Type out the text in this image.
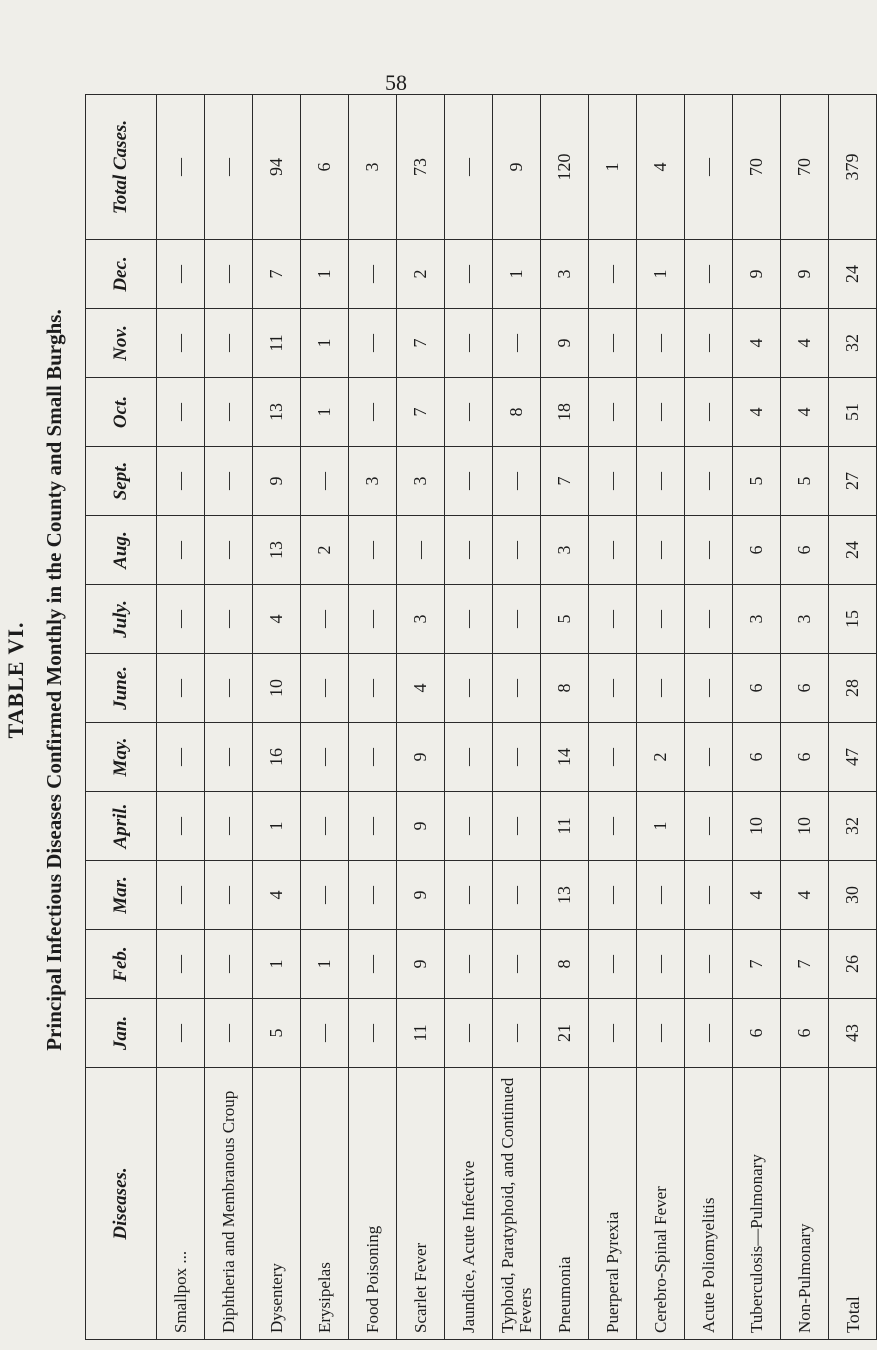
58
TABLE VI. Principal Infectious Diseases Confirmed Monthly in the County and Small Burghs.
Diseases.	Jan.	Feb.	Mar.	April.	May.	June.	July.	Aug.	Sept.	Oct.	Nov.	Dec.	Total Cases.
Smallpox ...	—	—	—	—	—	—	—	—	—	—	—	—	—
Diphtheria and Membranous Croup	—	—	—	—	—	—	—	—	—	—	—	—	—
Dysentery	5	1	4	1	16	10	4	13	9	13	11	7	94
Erysipelas	—	1	—	—	—	—	—	2	—	1	1	1	6
Food Poisoning	—	—	—	—	—	—	—	—	3	—	—	—	3
Scarlet Fever	11	9	9	9	9	4	3	—	3	7	7	2	73
Jaundice, Acute Infective	—	—	—	—	—	—	—	—	—	—	—	—	—
Typhoid, Paratyphoid, and Continued Fevers	—	—	—	—	—	—	—	—	—	8	—	1	9
Pneumonia	21	8	13	11	14	8	5	3	7	18	9	3	120
Puerperal Pyrexia	—	—	—	—	—	—	—	—	—	—	—	—	1
Cerebro-Spinal Fever	—	—	—	1	2	—	—	—	—	—	—	1	4
Acute Poliomyelitis	—	—	—	—	—	—	—	—	—	—	—	—	—
Tuberculosis—Pulmonary	6	7	4	10	6	6	3	6	5	4	4	9	70
Non-Pulmonary	6	7	4	10	6	6	3	6	5	4	4	9	70
Total	43	26	30	32	47	28	15	24	27	51	32	24	379
